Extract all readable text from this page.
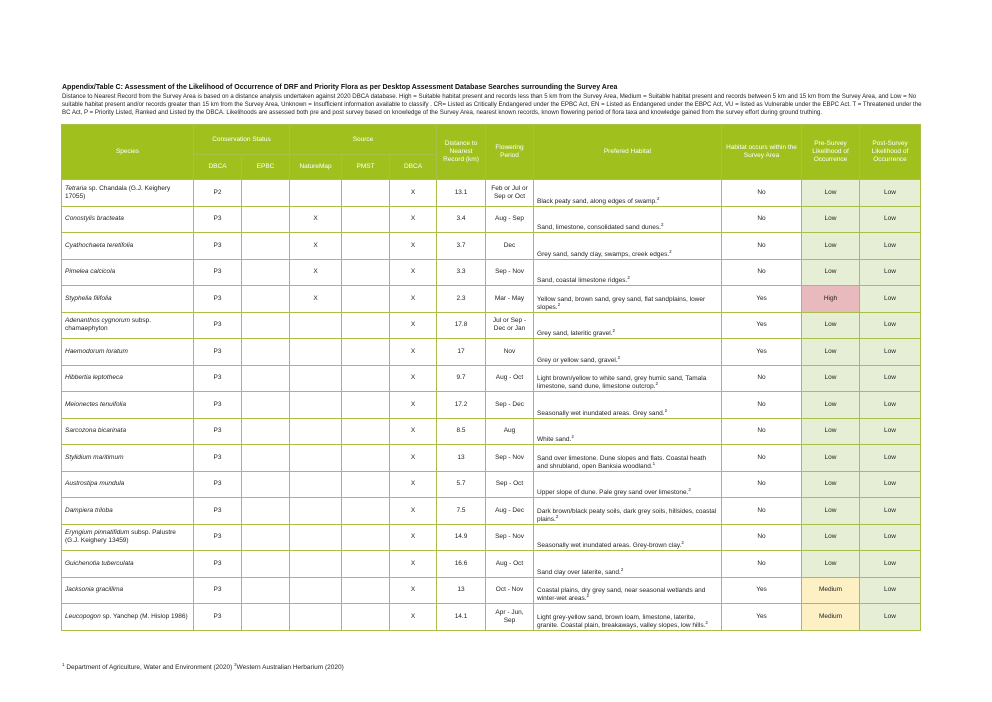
Appendix/Table C: Assessment of the Likelihood of Occurrence of DRF and Priority Flora as per Desktop Assessment Database Searches surrounding the Survey Area
Distance to Nearest Record from the Survey Area is based on a distance analysis undertaken against 2020 DBCA database. High = Suitable habitat present and records less than 5 km from the Survey Area, Medium = Suitable habitat present and records between 5 km and 15 km from the Survey Area, and Low = No suitable habitat present and/or records greater than 15 km from the Survey Area, Unknown = Insufficient information available to classify . CR= Listed as Critically Endangered under the EPBC Act, EN = Listed as Endangered under the EBPC Act, VU = listed as Vulnerable under the EBPC Act. T = Threatened under the BC Act, P = Priority Listed, Ranked and Listed by the DBCA. Likelihoods are assessed both pre and post survey based on knowledge of the Survey Area, nearest known records, known flowering period of flora taxa and knowledge gained from the survey effort during ground truthing.
Species	Conservation Status		Source			Distance to Nearest Record (km)	Flowering Period	Prefered Habitat	Habitat occurs within the Survey Area	Pre-Survey Likelihood of Occurrence	Post-Survey Likelihood of Occurrence
	DBCA	EPBC	NatureMap	PMST	DBCA						
Tetraria sp. Chandala (G.J. Keighery 17055)	P2				X	13.1	Feb or Jul or Sep or Oct	Black peaty sand, along edges of swamp.$^2$	No	Low	Low
Conostylis bracteata	P3		X		X	3.4	Aug - Sep	Sand, limestone, consolidated sand dunes.$^2$	No	Low	Low
Cyathochaeta teretifolia	P3		X		X	3.7	Dec	Grey sand, sandy clay, swamps, creek edges.$^2$	No	Low	Low
Pimelea calcicola	P3		X		X	3.3	Sep - Nov	Sand, coastal limestone ridges.$^2$	No	Low	Low
Styphelia filifolia	P3		X		X	2.3	Mar - May	Yellow sand, brown sand, grey sand, flat sandplains, lower slopes.$^2$	Yes	High	Low
Adenanthos cygnorum subsp. chamaephyton	P3				X	17.8	Jul or Sep - Dec or Jan	Grey sand, lateritic gravel.$^2$	Yes	Low	Low
Haemodorum loratum	P3				X	17	Nov	Grey or yellow sand, gravel.$^2$	Yes	Low	Low
Hibbertia leptotheca	P3				X	9.7	Aug - Oct	Light brown/yellow to white sand, grey humic sand, Tamala limestone, sand dune, limestone outcrop.$^2$	No	Low	Low
Meionectes tenuifolia	P3				X	17.2	Sep - Dec	Seasonally wet inundated areas. Grey sand.$^2$	No	Low	Low
Sarcozona bicarinata	P3				X	8.5	Aug	White sand.$^2$	No	Low	Low
Stylidium maritimum	P3				X	13	Sep - Nov	Sand over limestone. Dune slopes and flats. Coastal heath and shrubland, open Banksia woodland.$^1$	No	Low	Low
Austrostipa mundula	P3				X	5.7	Sep - Oct	Upper slope of dune. Pale grey sand over limestone.$^2$	No	Low	Low
Dampiera triloba	P3				X	7.5	Aug - Dec	Dark brown/black peaty soils, dark grey soils, hillsides, coastal plains.$^2$	No	Low	Low
Eryngium pinnatifidum subsp. Palustre (G.J. Keighery 13459)	P3				X	14.9	Sep - Nov	Seasonally wet inundated areas. Grey-brown clay.$^2$	No	Low	Low
Guichenotia tuberculata	P3				X	16.6	Aug - Oct	Sand clay over laterite, sand.$^2$	No	Low	Low
Jacksonia gracillima	P3				X	13	Oct - Nov	Coastal plains, dry grey sand, near seasonal wetlands and winter-wet areas.$^2$	Yes	Medium	Low
Leucopogon sp. Yanchep (M. Hislop 1986)	P3				X	14.1	Apr - Jun, Sep	Light grey-yellow sand, brown loam, limestone, laterite, granite. Coastal plain, breakaways, valley slopes, low hills.$^2$	Yes	Medium	Low
$^1$ Department of Agriculture, Water and Environment (2020) $^2$Western Australian Herbarium (2020)
